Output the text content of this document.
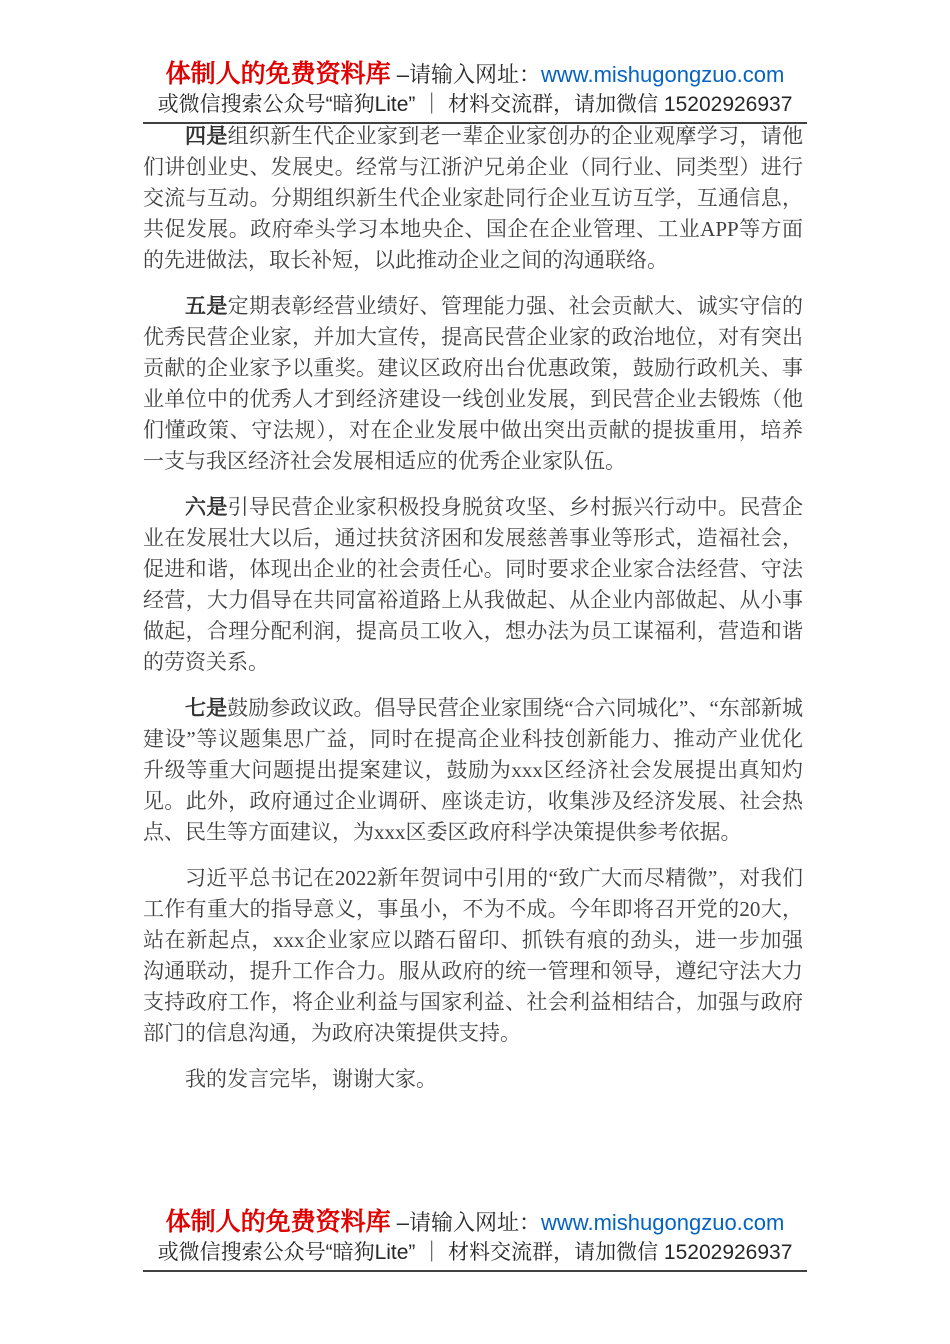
体制人的免费资料库 –请输入网址：www.mishugongzuo.com
或微信搜索公众号“暗狗Lite” ｜ 材料交流群，请加微信 15202926937

四是组织新生代企业家到老一辈企业家创办的企业观摩学习，请他们讲创业史、发展史。经常与江浙沪兄弟企业（同行业、同类型）进行交流与互动。分期组织新生代企业家赴同行企业互访互学，互通信息，共促发展。政府牵头学习本地央企、国企在企业管理、工业APP等方面的先进做法，取长补短，以此推动企业之间的沟通联络。

五是定期表彰经营业绩好、管理能力强、社会贡献大、诚实守信的优秀民营企业家，并加大宣传，提高民营企业家的政治地位，对有突出贡献的企业家予以重奖。建议区政府出台优惠政策，鼓励行政机关、事业单位中的优秀人才到经济建设一线创业发展，到民营企业去锻炼（他们懂政策、守法规），对在企业发展中做出突出贡献的提拔重用，培养一支与我区经济社会发展相适应的优秀企业家队伍。

六是引导民营企业家积极投身脱贫攻坚、乡村振兴行动中。民营企业在发展壮大以后，通过扶贫济困和发展慈善事业等形式，造福社会，促进和谐，体现出企业的社会责任心。同时要求企业家合法经营、守法经营，大力倡导在共同富裕道路上从我做起、从企业内部做起、从小事做起，合理分配利润，提高员工收入，想办法为员工谋福利，营造和谐的劳资关系。

七是鼓励参政议政。倡导民营企业家围绕“合六同城化”、“东部新城建设”等议题集思广益，同时在提高企业科技创新能力、推动产业优化升级等重大问题提出提案建议，鼓励为xxx区经济社会发展提出真知灼见。此外，政府通过企业调研、座谈走访，收集涉及经济发展、社会热点、民生等方面建议，为xxx区委区政府科学决策提供参考依据。

习近平总书记在2022新年贺词中引用的“致广大而尽精微”，对我们工作有重大的指导意义，事虽小，不为不成。今年即将召开党的20大，站在新起点，xxx企业家应以踏石留印、抓铁有痕的劲头，进一步加强沟通联动，提升工作合力。服从政府的统一管理和领导，遵纪守法大力支持政府工作，将企业利益与国家利益、社会利益相结合，加强与政府部门的信息沟通，为政府决策提供支持。

我的发言完毕，谢谢大家。

体制人的免费资料库 –请输入网址：www.mishugongzuo.com
或微信搜索公众号“暗狗Lite” ｜ 材料交流群，请加微信 15202926937
